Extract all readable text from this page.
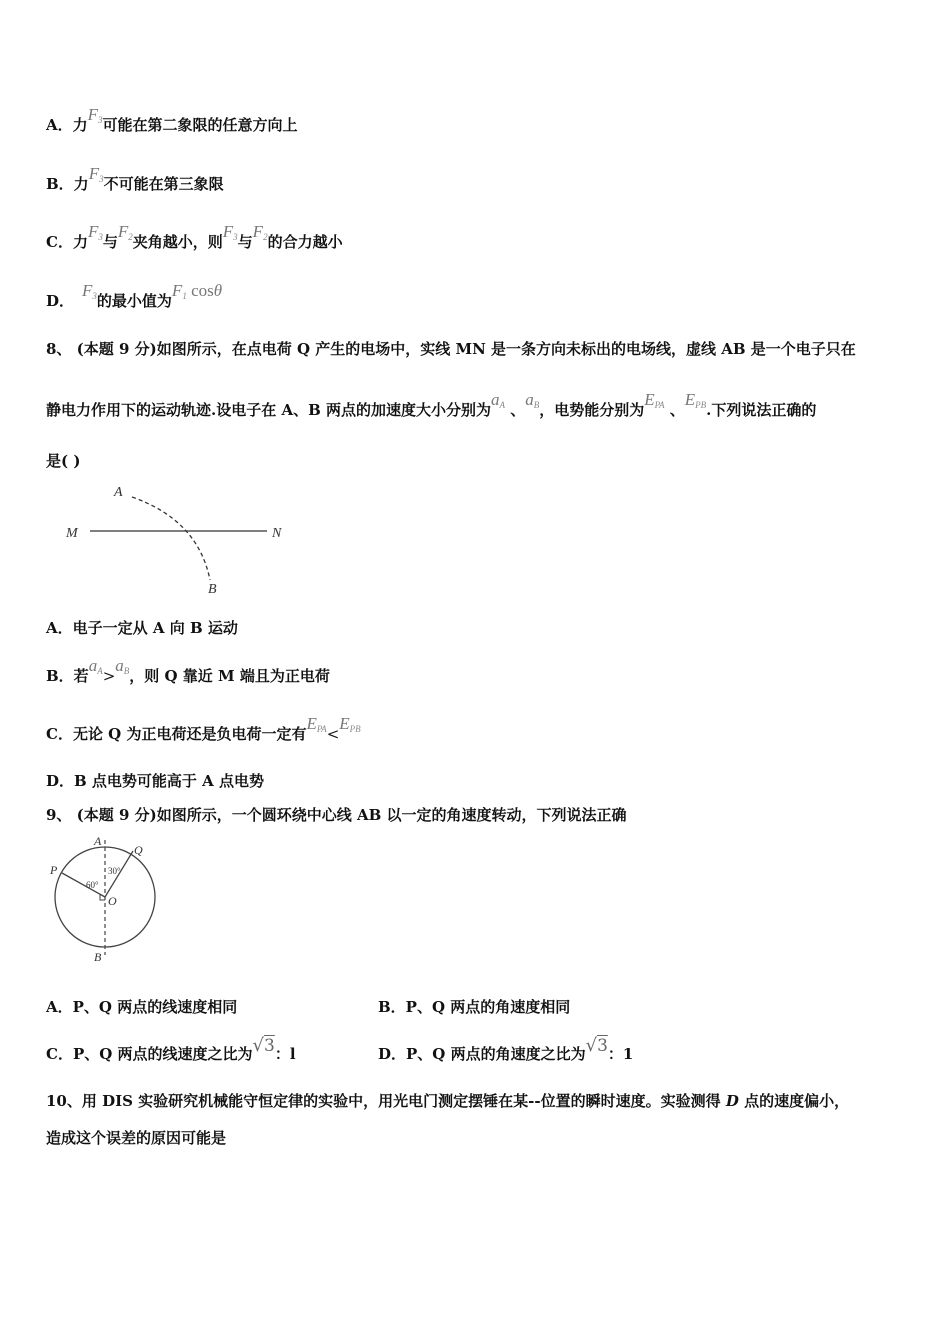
A．力$F_3$可能在第二象限的任意方向上
B．力$F_3$不可能在第三象限
C．力$F_3$与$F_2$夹角越小，则$F_3$与$F_2$的合力越小
D．$F_3$的最小值为$F_1$ cosθ
8、 (本题 9 分)如图所示，在点电荷 Q 产生的电场中，实线 MN 是一条方向未标出的电场线，虚线 AB 是一个电子只在
静电力作用下的运动轨迹.设电子在 A、B 两点的加速度大小分别为$a_A$ 、$a_B$，电势能分别为$E_{PA}$ 、$E_{PB}$.下列说法正确的
是( )
A
B
M	N
A．电子一定从 A 向 B 运动
B．若$a_A>a_B$，则 Q 靠近 M 端且为正电荷
C．无论 Q 为正电荷还是负电荷一定有$E_{PA}<E_{PB}$
D．B 点电势可能高于 A 点电势
9、 (本题 9 分)如图所示，一个圆环绕中心线 AB 以一定的角速度转动，下列说法正确
A
B
P
Q
O
60°
30°
A．P、Q 两点的线速度相同	B．P、Q 两点的角速度相同
C．P、Q 两点的线速度之比为√3：l	D．P、Q 两点的角速度之比为√3：1
10、用 DIS 实验研究机械能守恒定律的实验中，用光电门测定摆锤在某--位置的瞬时速度。实验测得 D 点的速度偏小，
造成这个误差的原因可能是
